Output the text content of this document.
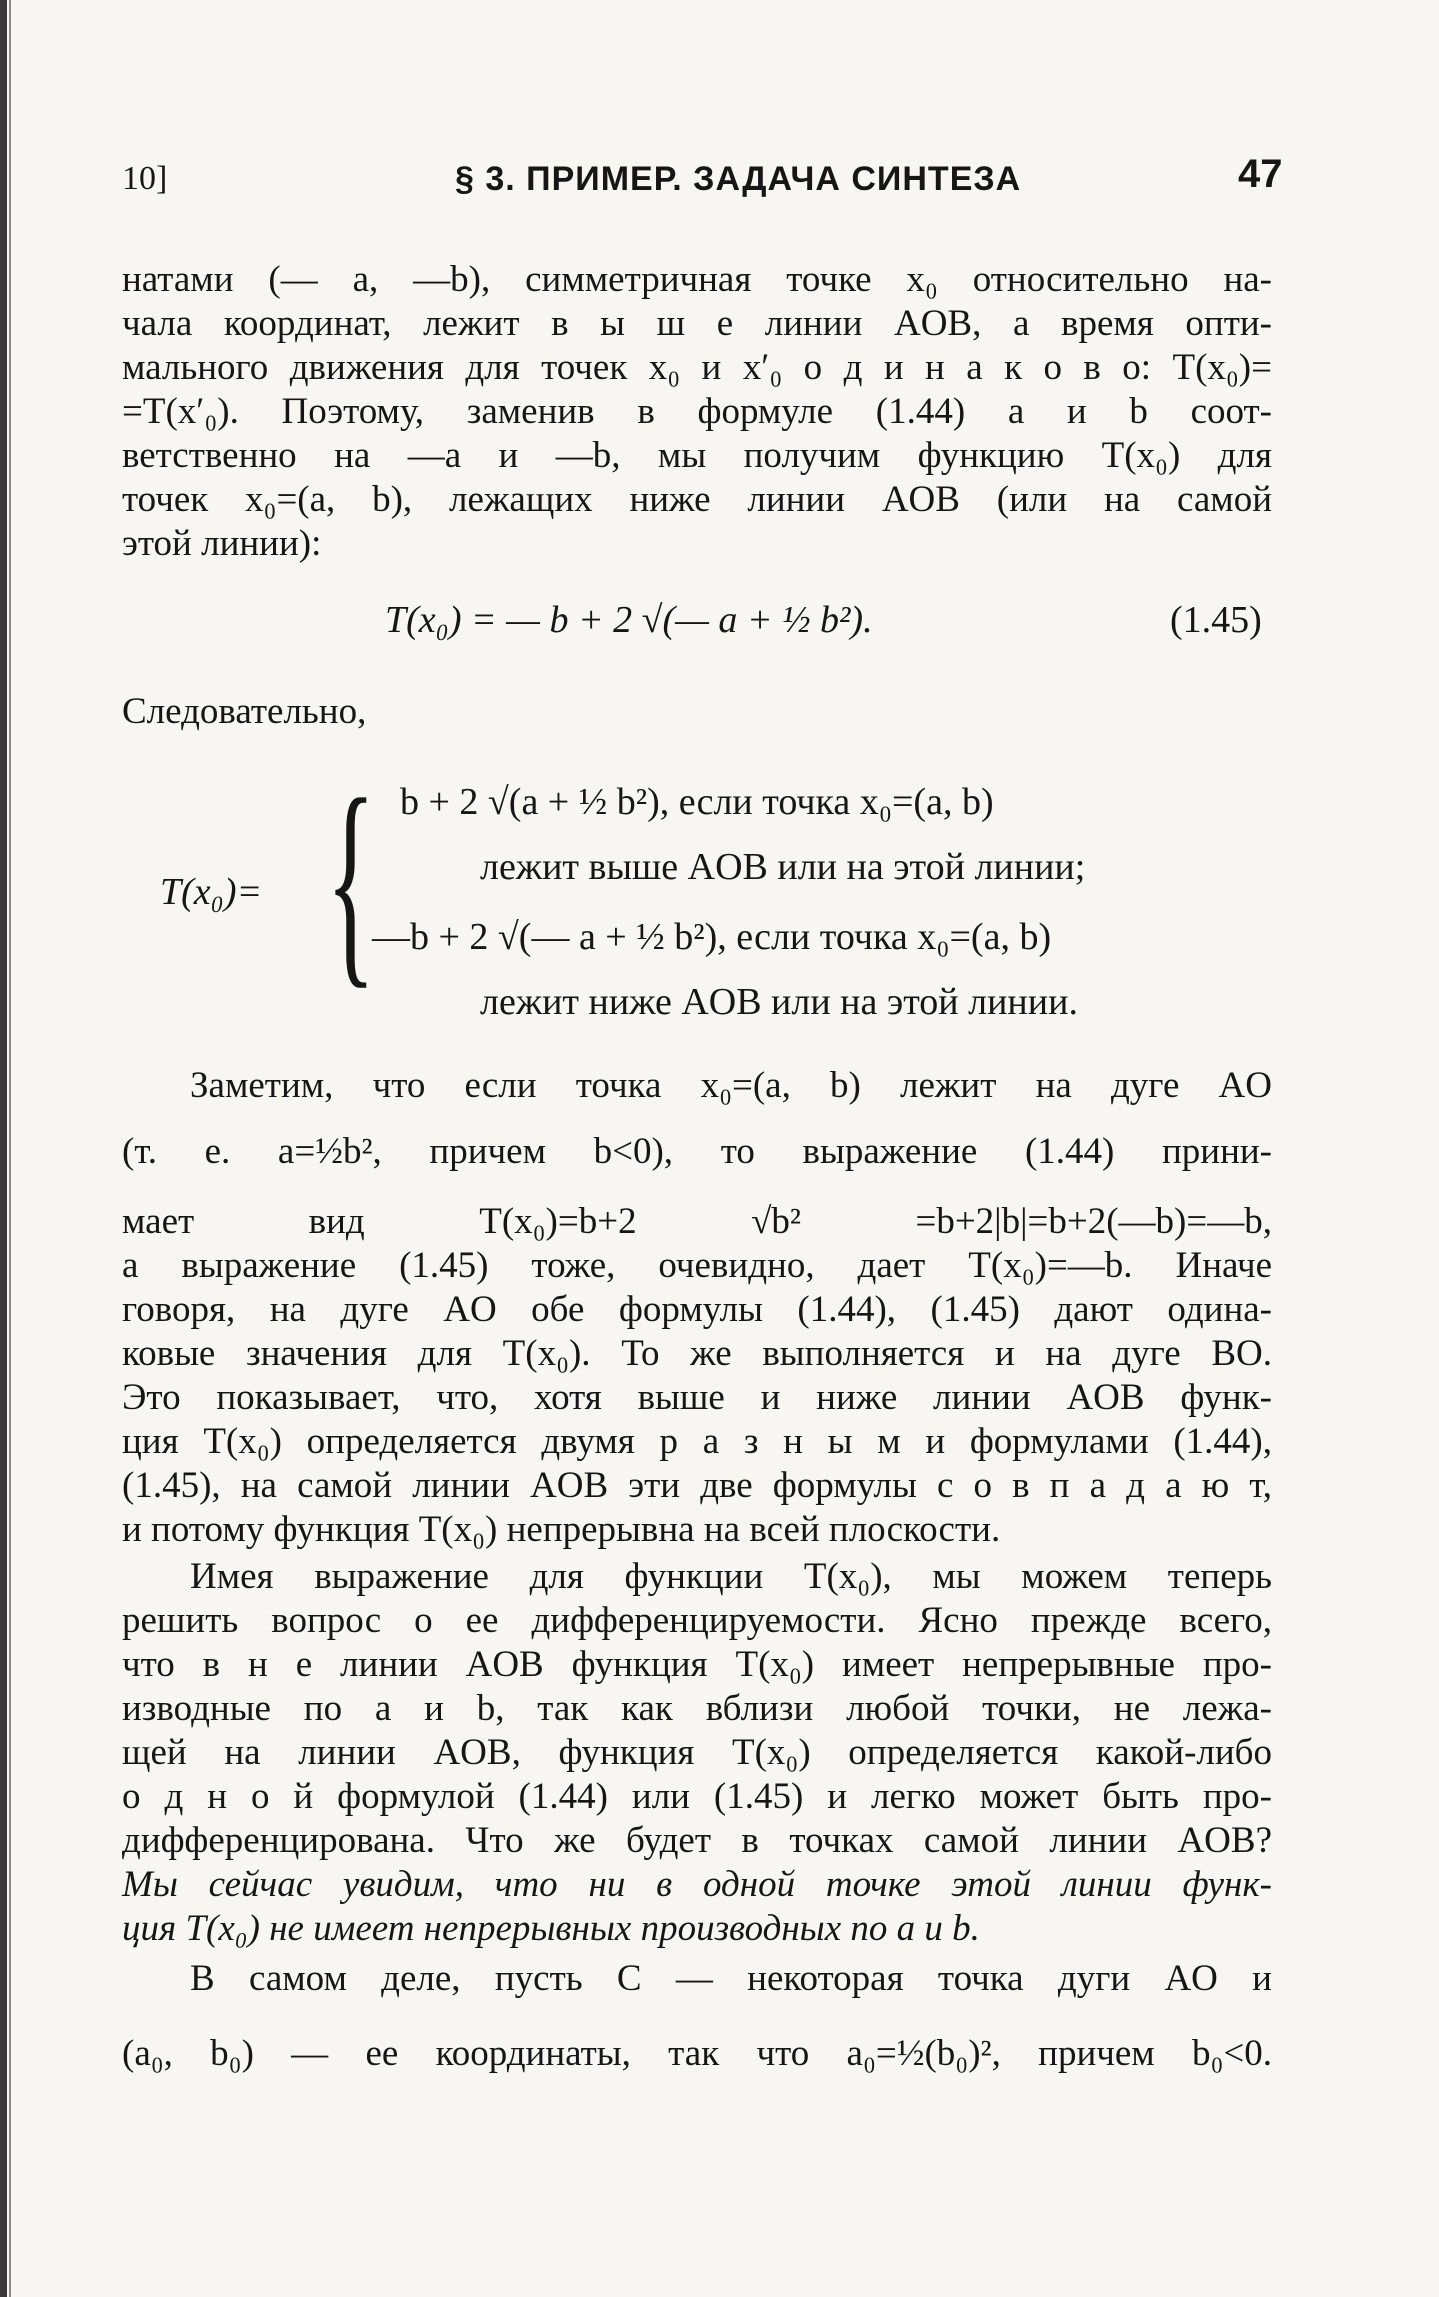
10]	§ 3. ПРИМЕР. ЗАДАЧА СИНТЕЗА	47
натами (— a, —b), симметричная точке x₀ относительно на-
чала координат, лежит в ы ш е линии AOB, а время опти-
мального движения для точек x₀ и x′₀ о д и н а к о в о: T(x₀)=
=T(x′₀). Поэтому, заменив в формуле (1.44) a и b соот-
ветственно на —a и —b, мы получим функцию T(x₀) для
точек x₀=(a, b), лежащих ниже линии AOB (или на самой
этой линии):
T(x₀) = — b + 2 √(— a + ½ b²).	(1.45)
Следовательно,
T(x₀)= { b + 2 √(a + ½ b²), если точка x₀=(a, b)
лежит выше AOB или на этой линии;
—b + 2 √(— a + ½ b²), если точка x₀=(a, b)
лежит ниже AOB или на этой линии.
Заметим, что если точка x₀=(a, b) лежит на дуге AO
(т. е. a=½b², причем b<0), то выражение (1.44) прини-
мает вид T(x₀)=b+2 √b² =b+2|b|=b+2(—b)=—b,
а выражение (1.45) тоже, очевидно, дает T(x₀)=—b. Иначе
говоря, на дуге AO обе формулы (1.44), (1.45) дают одина-
ковые значения для T(x₀). То же выполняется и на дуге BO.
Это показывает, что, хотя выше и ниже линии AOB функ-
ция T(x₀) определяется двумя р а з н ы м и формулами (1.44),
(1.45), на самой линии AOB эти две формулы с о в п а д а ю т,
и потому функция T(x₀) непрерывна на всей плоскости.
Имея выражение для функции T(x₀), мы можем теперь
решить вопрос о ее дифференцируемости. Ясно прежде всего,
что в н е линии AOB функция T(x₀) имеет непрерывные про-
изводные по a и b, так как вблизи любой точки, не лежа-
щей на линии AOB, функция T(x₀) определяется какой-либо
о д н о й формулой (1.44) или (1.45) и легко может быть про-
дифференцирована. Что же будет в точках самой линии AOB?
Мы сейчас увидим, что ни в одной точке этой линии функ-
ция T(x₀) не имеет непрерывных производных по a и b.
В самом деле, пусть C — некоторая точка дуги AO и
(a₀, b₀) — ее координаты, так что a₀=½(b₀)², причем b₀<0.
